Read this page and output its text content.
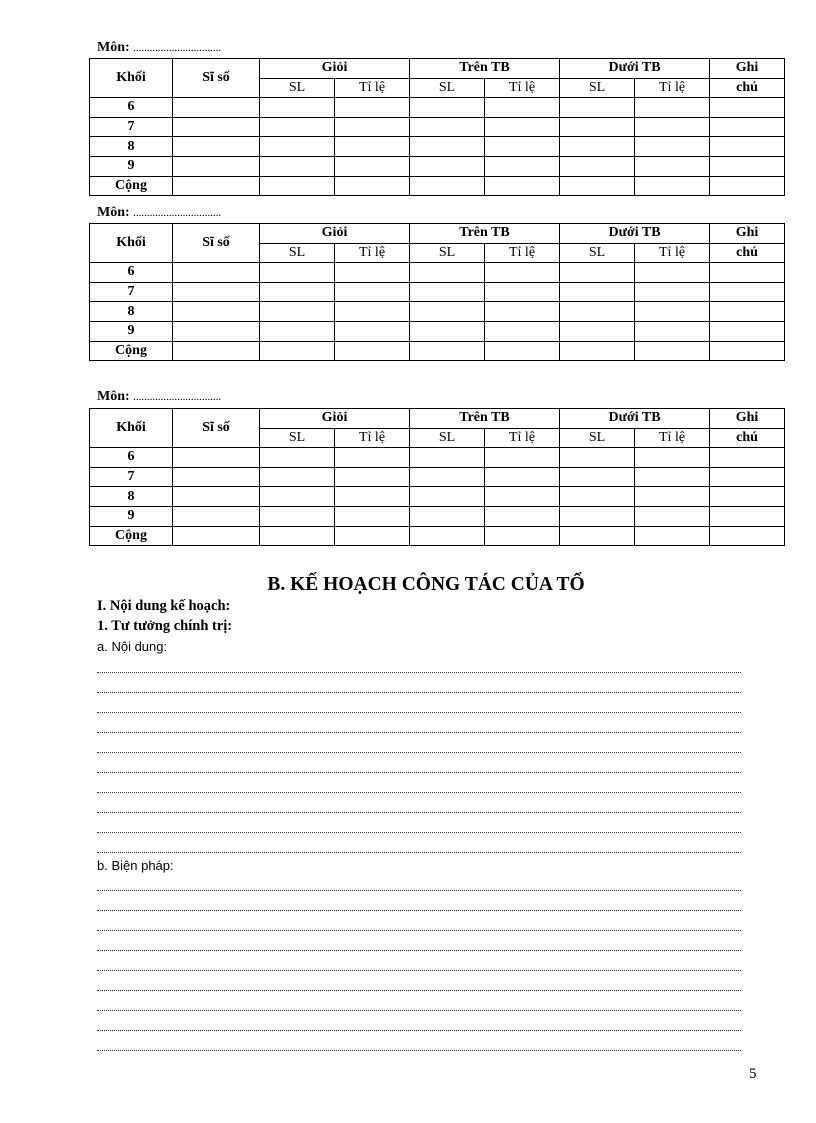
Môn: ................................
Khối	Sĩ số	Giỏi		Trên TB		Dưới TB		Ghi
		SL	Tỉ lệ	SL	Tỉ lệ	SL	Tỉ lệ	chú
6								
7								
8								
9								
Cộng								
Môn: ................................
Khối	Sĩ số	Giỏi		Trên TB		Dưới TB		Ghi
		SL	Tỉ lệ	SL	Tỉ lệ	SL	Tỉ lệ	chú
6								
7								
8								
9								
Cộng								
Môn: ................................
Khối	Sĩ số	Giỏi		Trên TB		Dưới TB		Ghi
		SL	Tỉ lệ	SL	Tỉ lệ	SL	Tỉ lệ	chú
6								
7								
8								
9								
Cộng								
B. KẾ HOẠCH CÔNG TÁC CỦA TỔ
I. Nội dung kế hoạch:
1. Tư tưởng chính trị:
a. Nội dung:
b. Biện pháp:
5
